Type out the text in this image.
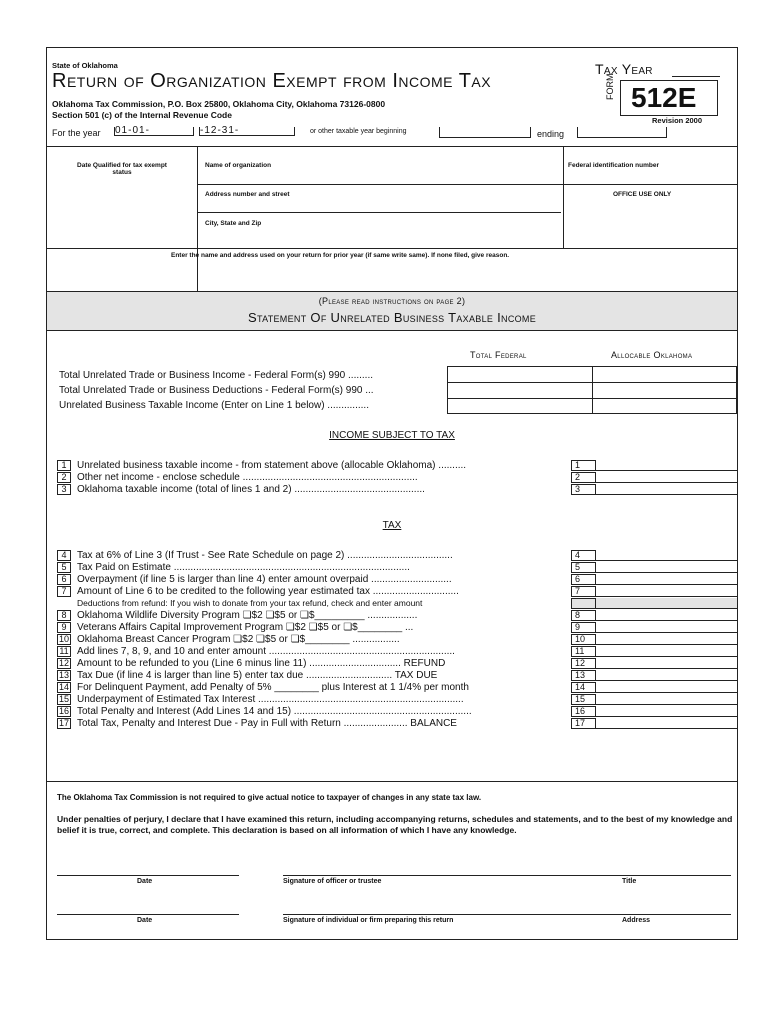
State of Oklahoma
Return of Organization Exempt from Income Tax
Oklahoma Tax Commission, P.O. Box 25800, Oklahoma City, Oklahoma 73126-0800
Section 501 (c) of the Internal Revenue Code
For the year 01-01-	-12-31-	or other taxable year beginning	ending
Tax Year
FORM 512E
Revision 2000
Date Qualified for tax exempt status
Name of organization	Federal identification number
Address number and street	OFFICE USE ONLY
City, State and Zip
Enter the name and address used on your return for prior year (if same write same). If none filed, give reason.
(Please read instructions on page 2)
Statement Of Unrelated Business Taxable Income
Total Federal	Allocable Oklahoma
Total Unrelated Trade or Business Income - Federal Form(s) 990 .........
Total Unrelated Trade or Business Deductions - Federal Form(s) 990 ...
Unrelated Business Taxable Income (Enter on Line 1 below) ...............
INCOME SUBJECT TO TAX
1	Unrelated business taxable income - from statement above (allocable Oklahoma) ..........
2	Other net income - enclose schedule ...............................................................
3	Oklahoma taxable income (total of lines 1 and 2) ...............................................
1
2
3
TAX
4	Tax at 6% of Line 3 (If Trust - See Rate Schedule on page 2) ......................................
5	Tax Paid on Estimate .....................................................................................
6	Overpayment (if line 5 is larger than line 4) enter amount overpaid .............................
7	Amount of Line 6 to be credited to the following year estimated tax ...............................
Deductions from refund: If you wish to donate from your tax refund, check and enter amount
8	Oklahoma Wildlife Diversity Program ❏$2 ❏$5 or ❏$_________ ..................
9	Veterans Affairs Capital Improvement Program ❏$2 ❏$5 or ❏$________ ...
10 Oklahoma Breast Cancer Program ❏$2 ❏$5 or ❏$________ .................
11 Add lines 7, 8, 9, and 10 and enter amount ...................................................................
12 Amount to be refunded to you (Line 6 minus line 11) ................................. REFUND
13 Tax Due (if line 4 is larger than line 5) enter tax due ............................... TAX DUE
14 For Delinquent Payment, add Penalty of 5% ________ plus Interest at 1 1/4% per month
15 Underpayment of Estimated Tax Interest ..........................................................................
16 Total Penalty and Interest (Add Lines 14 and 15) ................................................................
17 Total Tax, Penalty and Interest Due - Pay in Full with Return ....................... BALANCE
4
5
6
7
8
9
10
11
12
13
14
15
16
17
The Oklahoma Tax Commission is not required to give actual notice to taxpayer of changes in any state tax law.
Under penalties of perjury, I declare that I have examined this return, including accompanying returns, schedules and statements, and to the best of my knowledge and belief it is true, correct, and complete. This declaration is based on all information of which I have any knowledge.
Date	Signature of officer or trustee	Title
Date	Signature of individual or firm preparing this return	Address
